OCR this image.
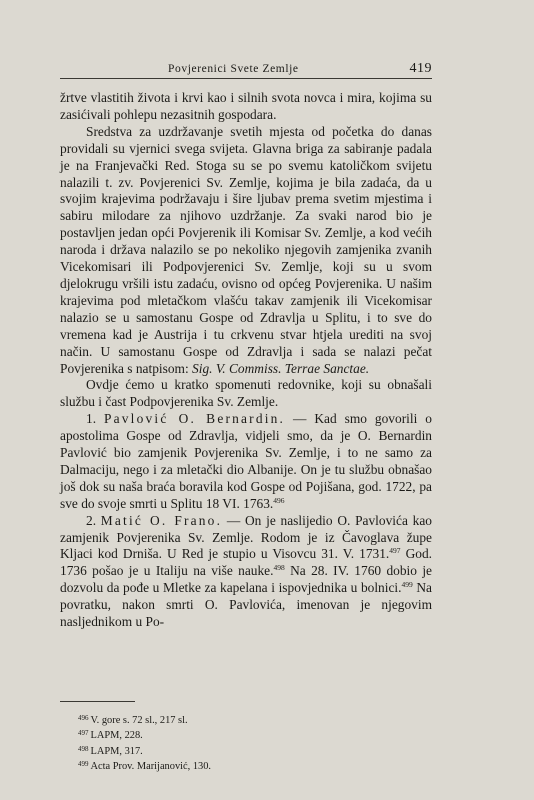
Povjerenici Svete Zemlje	419

žrtve vlastitih života i krvi kao i silnih svota novca i mira, kojima su zasićivali pohlepu nezasitnih gospodara.

Sredstva za uzdržavanje svetih mjesta od početka do danas providali su vjernici svega svijeta. Glavna briga za sabiranje padala je na Franjevački Red. Stoga su se po svemu katoličkom svijetu nalazili t. zv. Povjerenici Sv. Zemlje, kojima je bila zadaća, da u svojim krajevima podržavaju i šire ljubav prema svetim mjestima i sabiru milodare za njihovo uzdržanje. Za svaki narod bio je postavljen jedan opći Povjerenik ili Komisar Sv. Zemlje, a kod većih naroda i država nalazilo se po nekoliko njegovih zamjenika zvanih Vicekomisari ili Podpovjerenici Sv. Zemlje, koji su u svom djelokrugu vršili istu zadaću, ovisno od općeg Povjerenika. U našim krajevima pod mletačkom vlašću takav zamjenik ili Vicekomisar nalazio se u samostanu Gospe od Zdravlja u Splitu, i to sve do vremena kad je Austrija i tu crkvenu stvar htjela urediti na svoj način. U samostanu Gospe od Zdravlja i sada se nalazi pečat Povjerenika s natpisom: Sig. V. Commiss. Terrae Sanctae.

Ovdje ćemo u kratko spomenuti redovnike, koji su obnašali službu i čast Podpovjerenika Sv. Zemlje.

1. Pavlović O. Bernardin. — Kad smo govorili o apostolima Gospe od Zdravlja, vidjeli smo, da je O. Bernardin Pavlović bio zamjenik Povjerenika Sv. Zemlje, i to ne samo za Dalmaciju, nego i za mletački dio Albanije. On je tu službu obnašao još dok su naša braća boravila kod Gospe od Pojišana, god. 1722, pa sve do svoje smrti u Splitu 18 VI. 1763.$^{496}$

2. Matić O. Frano. — On je naslijedio O. Pavlovića kao zamjenik Povjerenika Sv. Zemlje. Rodom je iz Čavoglava župe Kljaci kod Drniša. U Red je stupio u Visovcu 31. V. 1731.$^{497}$ God. 1736 pošao je u Italiju na više nauke.$^{498}$ Na 28. IV. 1760 dobio je dozvolu da pođe u Mletke za kapelana i ispovjednika u bolnici.$^{499}$ Na povratku, nakon smrti O. Pavlovića, imenovan je njegovim nasljednikom u Po-

$^{496}$ V. gore s. 72 sl., 217 sl.
$^{497}$ LAPM, 228.
$^{498}$ LAPM, 317.
$^{499}$ Acta Prov. Marijanović, 130.
